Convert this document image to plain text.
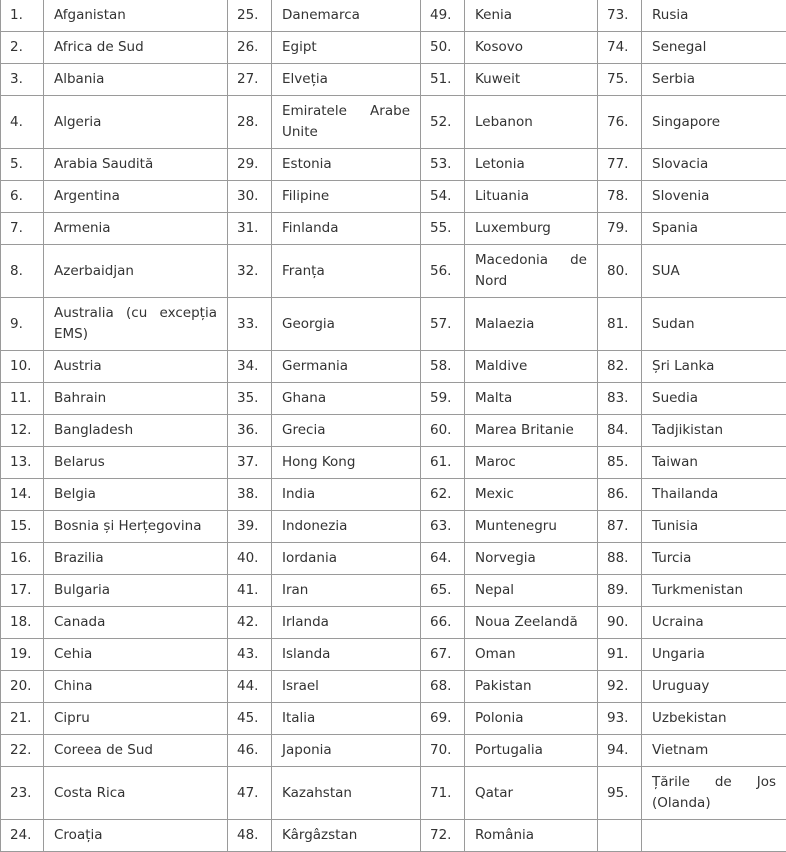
1.	Afganistan	25.	Danemarca	49.	Kenia	73.	Rusia
2.	Africa de Sud	26.	Egipt	50.	Kosovo	74.	Senegal
3.	Albania	27.	Elveția	51.	Kuweit	75.	Serbia
4.	Algeria	28.	Emiratele Arabe Unite	52.	Lebanon	76.	Singapore
5.	Arabia Saudită	29.	Estonia	53.	Letonia	77.	Slovacia
6.	Argentina	30.	Filipine	54.	Lituania	78.	Slovenia
7.	Armenia	31.	Finlanda	55.	Luxemburg	79.	Spania
8.	Azerbaidjan	32.	Franța	56.	Macedonia de Nord	80.	SUA
9.	Australia (cu excepția EMS)	33.	Georgia	57.	Malaezia	81.	Sudan
10.	Austria	34.	Germania	58.	Maldive	82.	Șri Lanka
11.	Bahrain	35.	Ghana	59.	Malta	83.	Suedia
12.	Bangladesh	36.	Grecia	60.	Marea Britanie	84.	Tadjikistan
13.	Belarus	37.	Hong Kong	61.	Maroc	85.	Taiwan
14.	Belgia	38.	India	62.	Mexic	86.	Thailanda
15.	Bosnia și Herțegovina	39.	Indonezia	63.	Muntenegru	87.	Tunisia
16.	Brazilia	40.	Iordania	64.	Norvegia	88.	Turcia
17.	Bulgaria	41.	Iran	65.	Nepal	89.	Turkmenistan
18.	Canada	42.	Irlanda	66.	Noua Zeelandă	90.	Ucraina
19.	Cehia	43.	Islanda	67.	Oman	91.	Ungaria
20.	China	44.	Israel	68.	Pakistan	92.	Uruguay
21.	Cipru	45.	Italia	69.	Polonia	93.	Uzbekistan
22.	Coreea de Sud	46.	Japonia	70.	Portugalia	94.	Vietnam
23.	Costa Rica	47.	Kazahstan	71.	Qatar	95.	Țările de Jos (Olanda)
24.	Croația	48.	Kârgâzstan	72.	România		
